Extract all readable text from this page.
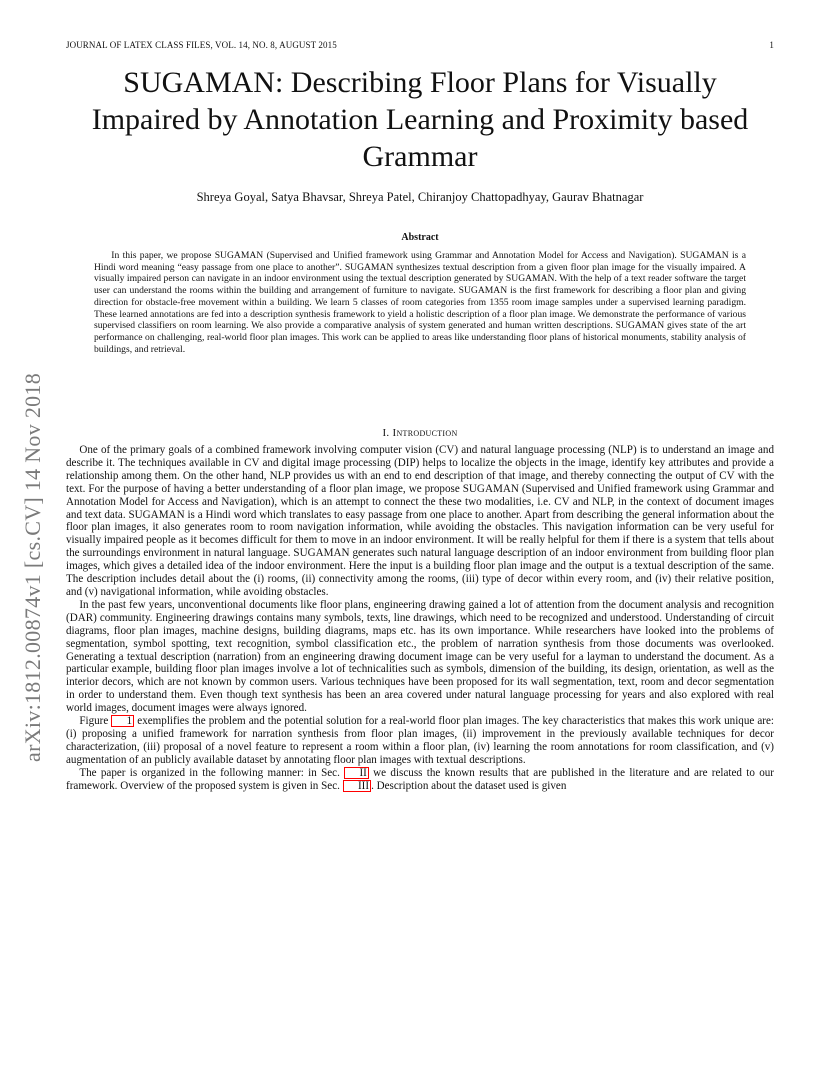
JOURNAL OF LATEX CLASS FILES, VOL. 14, NO. 8, AUGUST 2015	1
SUGAMAN: Describing Floor Plans for Visually Impaired by Annotation Learning and Proximity based Grammar
Shreya Goyal, Satya Bhavsar, Shreya Patel, Chiranjoy Chattopadhyay, Gaurav Bhatnagar
Abstract
In this paper, we propose SUGAMAN (Supervised and Unified framework using Grammar and Annotation Model for Access and Navigation). SUGAMAN is a Hindi word meaning “easy passage from one place to another”. SUGAMAN synthesizes textual description from a given floor plan image for the visually impaired. A visually impaired person can navigate in an indoor environment using the textual description generated by SUGAMAN. With the help of a text reader software the target user can understand the rooms within the building and arrangement of furniture to navigate. SUGAMAN is the first framework for describing a floor plan and giving direction for obstacle-free movement within a building. We learn 5 classes of room categories from 1355 room image samples under a supervised learning paradigm. These learned annotations are fed into a description synthesis framework to yield a holistic description of a floor plan image. We demonstrate the performance of various supervised classifiers on room learning. We also provide a comparative analysis of system generated and human written descriptions. SUGAMAN gives state of the art performance on challenging, real-world floor plan images. This work can be applied to areas like understanding floor plans of historical monuments, stability analysis of buildings, and retrieval.
arXiv:1812.00874v1 [cs.CV] 14 Nov 2018	I. Introduction

One of the primary goals of a combined framework involving computer vision (CV) and natural language processing (NLP) is to understand an image and describe it. The techniques available in CV and digital image processing (DIP) helps to localize the objects in the image, identify key attributes and provide a relationship among them. On the other hand, NLP provides us with an end to end description of that image, and thereby connecting the output of CV with the text. For the purpose of having a better understanding of a floor plan image, we propose SUGAMAN (Supervised and Unified framework using Grammar and Annotation Model for Access and Navigation), which is an attempt to connect the these two modalities, i.e. CV and NLP, in the context of document images and text data. SUGAMAN is a Hindi word which translates to easy passage from one place to another. Apart from describing the general information about the floor plan images, it also generates room to room navigation information, while avoiding the obstacles. This navigation information can be very useful for visually impaired people as it becomes difficult for them to move in an indoor environment. It will be really helpful for them if there is a system that tells about the surroundings environment in natural language. SUGAMAN generates such natural language description of an indoor environment from building floor plan images, which gives a detailed idea of the indoor environment. Here the input is a building floor plan image and the output is a textual description of the same. The description includes detail about the (i) rooms, (ii) connectivity among the rooms, (iii) type of decor within every room, and (iv) their relative position, and (v) navigational information, while avoiding obstacles.

In the past few years, unconventional documents like floor plans, engineering drawing gained a lot of attention from the document analysis and recognition (DAR) community. Engineering drawings contains many symbols, texts, line drawings, which need to be recognized and understood. Understanding of circuit diagrams, floor plan images, machine designs, building diagrams, maps etc. has its own importance. While researchers have looked into the problems of segmentation, symbol spotting, text recognition, symbol classification etc., the problem of narration synthesis from those documents was overlooked. Generating a textual description (narration) from an engineering drawing document image can be very useful for a layman to understand the document. As a particular example, building floor plan images involve a lot of technicalities such as symbols, dimension of the building, its design, orientation, as well as the interior decors, which are not known by common users. Various techniques have been proposed for its wall segmentation, text, room and decor segmentation in order to understand them. Even though text synthesis has been an area covered under natural language processing for years and also explored with real world images, document images were always ignored.

Figure 1 exemplifies the problem and the potential solution for a real-world floor plan images. The key characteristics that makes this work unique are: (i) proposing a unified framework for narration synthesis from floor plan images, (ii) improvement in the previously available techniques for decor characterization, (iii) proposal of a novel feature to represent a room within a floor plan, (iv) learning the room annotations for room classification, and (v) augmentation of an publicly available dataset by annotating floor plan images with textual descriptions.

The paper is organized in the following manner: in Sec. II we discuss the known results that are published in the literature and are related to our framework. Overview of the proposed system is given in Sec. III . Description about the dataset used is given
